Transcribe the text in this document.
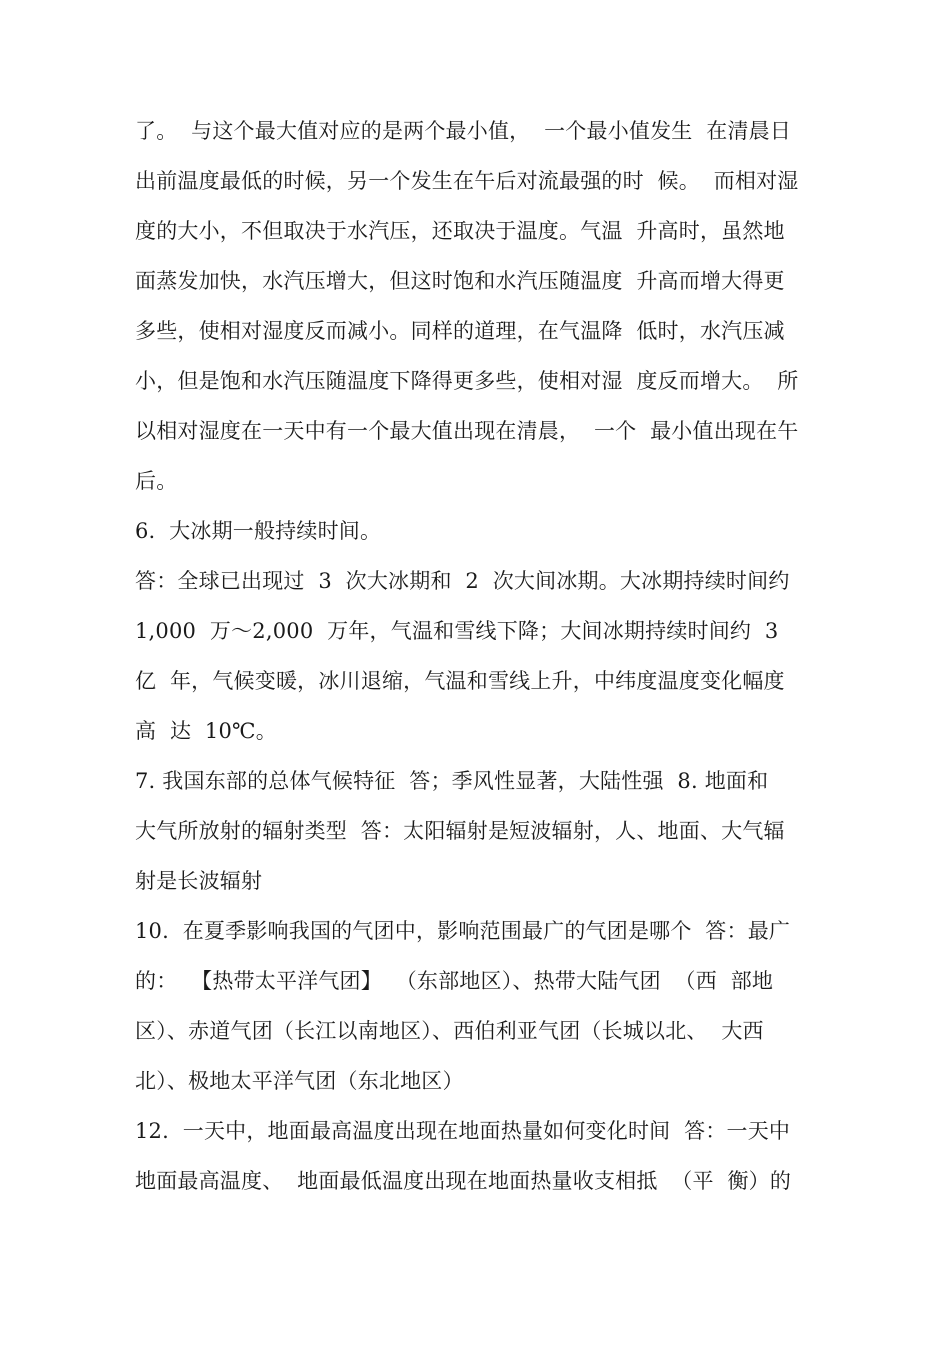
了。  与这个最大值对应的是两个最小值，  一个最小值发生  在清晨日
出前温度最低的时候，另一个发生在午后对流最强的时  候。  而相对湿
度的大小，不但取决于水汽压，还取决于温度。气温  升高时，虽然地
面蒸发加快，水汽压增大，但这时饱和水汽压随温度  升高而增大得更
多些，使相对湿度反而减小。同样的道理，在气温降  低时，水汽压减
小，但是饱和水汽压随温度下降得更多些，使相对湿  度反而增大。  所
以相对湿度在一天中有一个最大值出现在清晨，  一个  最小值出现在午
后。
6.  大冰期一般持续时间。
答：全球已出现过  3  次大冰期和  2  次大间冰期。大冰期持续时间约
1,000  万～2,000  万年，气温和雪线下降；大间冰期持续时间约  3
亿  年，气候变暖，冰川退缩，气温和雪线上升，中纬度温度变化幅度
高  达  10℃。
7. 我国东部的总体气候特征  答；季风性显著，大陆性强  8. 地面和
大气所放射的辐射类型  答：太阳辐射是短波辐射，人、地面、大气辐
射是长波辐射
10.  在夏季影响我国的气团中，影响范围最广的气团是哪个  答：最广
的：  【热带太平洋气团】  （东部地区）、热带大陆气团  （西  部地
区）、赤道气团（长江以南地区）、西伯利亚气团（长城以北、  大西
北）、极地太平洋气团（东北地区）
12.  一天中，地面最高温度出现在地面热量如何变化时间  答：一天中
地面最高温度、  地面最低温度出现在地面热量收支相抵  （平  衡）的
